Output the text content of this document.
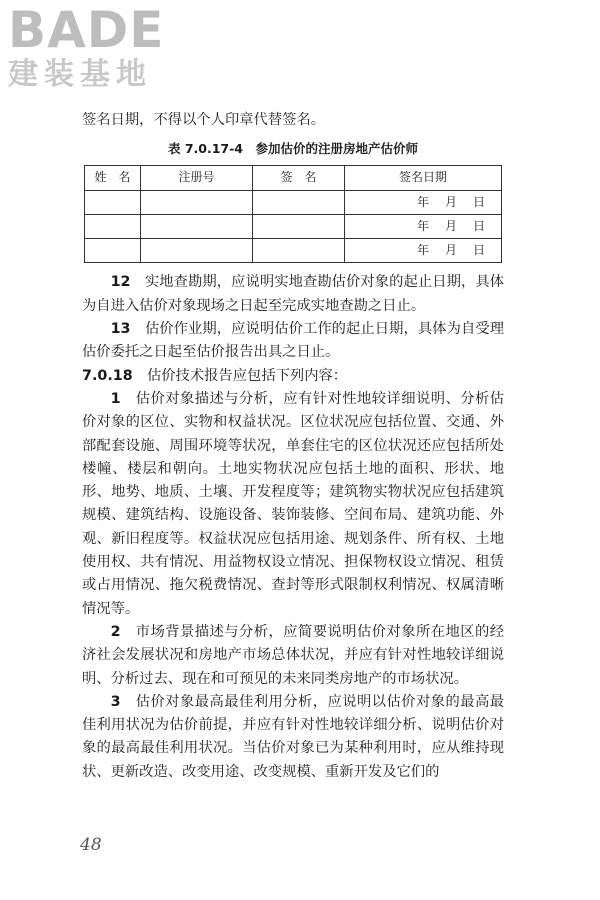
BADE
建装基地

签名日期，不得以个人印章代替签名。

表 7.0.17-4　参加估价的注册房地产估价师
姓　名	注册号	签　名	签名日期
			年　月　日
			年　月　日
			年　月　日

12　 实地查勘期，应说明实地查勘估价对象的起止日期，具体为自进入估价对象现场之日起至完成实地查勘之日止。

13　 估价作业期，应说明估价工作的起止日期，具体为自受理估价委托之日起至估价报告出具之日止。

7.0.18　 估价技术报告应包括下列内容：

1　 估价对象描述与分析，应有针对性地较详细说明、分析估价对象的区位、实物和权益状况。区位状况应包括位置、交通、外部配套设施、周围环境等状况，单套住宅的区位状况还应包括所处楼幢、楼层和朝向。土地实物状况应包括土地的面积、形状、地形、地势、地质、土壤、开发程度等；建筑物实物状况应包括建筑规模、建筑结构、设施设备、装饰装修、空间布局、建筑功能、外观、新旧程度等。权益状况应包括用途、规划条件、所有权、土地使用权、共有情况、用益物权设立情况、担保物权设立情况、租赁或占用情况、拖欠税费情况、查封等形式限制权利情况、权属清晰情况等。

2　 市场背景描述与分析，应简要说明估价对象所在地区的经济社会发展状况和房地产市场总体状况，并应有针对性地较详细说明、分析过去、现在和可预见的未来同类房地产的市场状况。

3　 估价对象最高最佳利用分析，应说明以估价对象的最高最佳利用状况为估价前提，并应有针对性地较详细分析、说明估价对象的最高最佳利用状况。当估价对象已为某种利用时，应从维持现状、更新改造、改变用途、改变规模、重新开发及它们的

48
